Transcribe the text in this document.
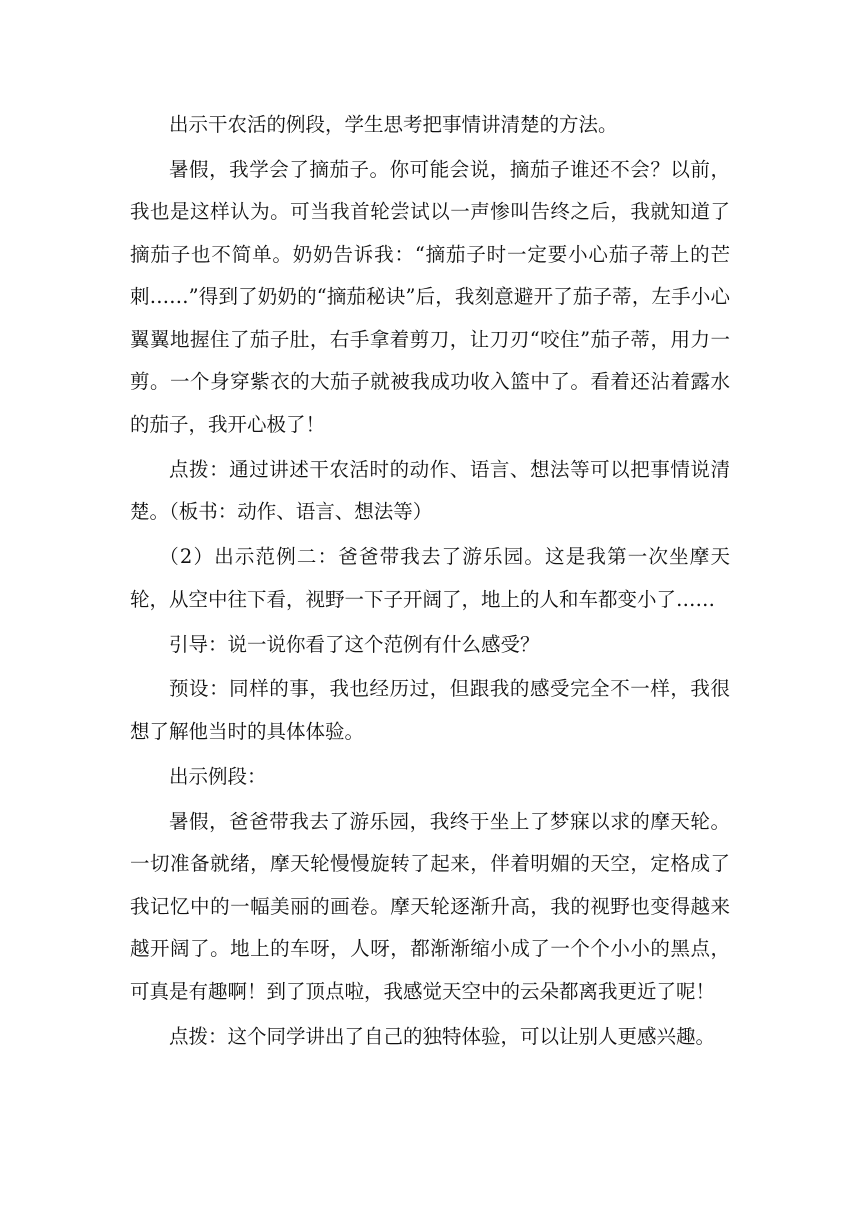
出示干农活的例段，学生思考把事情讲清楚的方法。

暑假，我学会了摘茄子。你可能会说，摘茄子谁还不会？以前，我也是这样认为。可当我首轮尝试以一声惨叫告终之后，我就知道了摘茄子也不简单。奶奶告诉我：“摘茄子时一定要小心茄子蒂上的芒刺……”得到了奶奶的“摘茄秘诀”后，我刻意避开了茄子蒂，左手小心翼翼地握住了茄子肚，右手拿着剪刀，让刀刃“咬住”茄子蒂，用力一剪。一个身穿紫衣的大茄子就被我成功收入篮中了。看着还沾着露水的茄子，我开心极了！

点拨：通过讲述干农活时的动作、语言、想法等可以把事情说清楚。（板书：动作、语言、想法等）

（2）出示范例二：爸爸带我去了游乐园。这是我第一次坐摩天轮，从空中往下看，视野一下子开阔了，地上的人和车都变小了……

引导：说一说你看了这个范例有什么感受？

预设：同样的事，我也经历过，但跟我的感受完全不一样，我很想了解他当时的具体体验。

出示例段：

暑假，爸爸带我去了游乐园，我终于坐上了梦寐以求的摩天轮。一切准备就绪，摩天轮慢慢旋转了起来，伴着明媚的天空，定格成了我记忆中的一幅美丽的画卷。摩天轮逐渐升高，我的视野也变得越来越开阔了。地上的车呀，人呀，都渐渐缩小成了一个个小小的黑点，可真是有趣啊！到了顶点啦，我感觉天空中的云朵都离我更近了呢！

点拨：这个同学讲出了自己的独特体验，可以让别人更感兴趣。
